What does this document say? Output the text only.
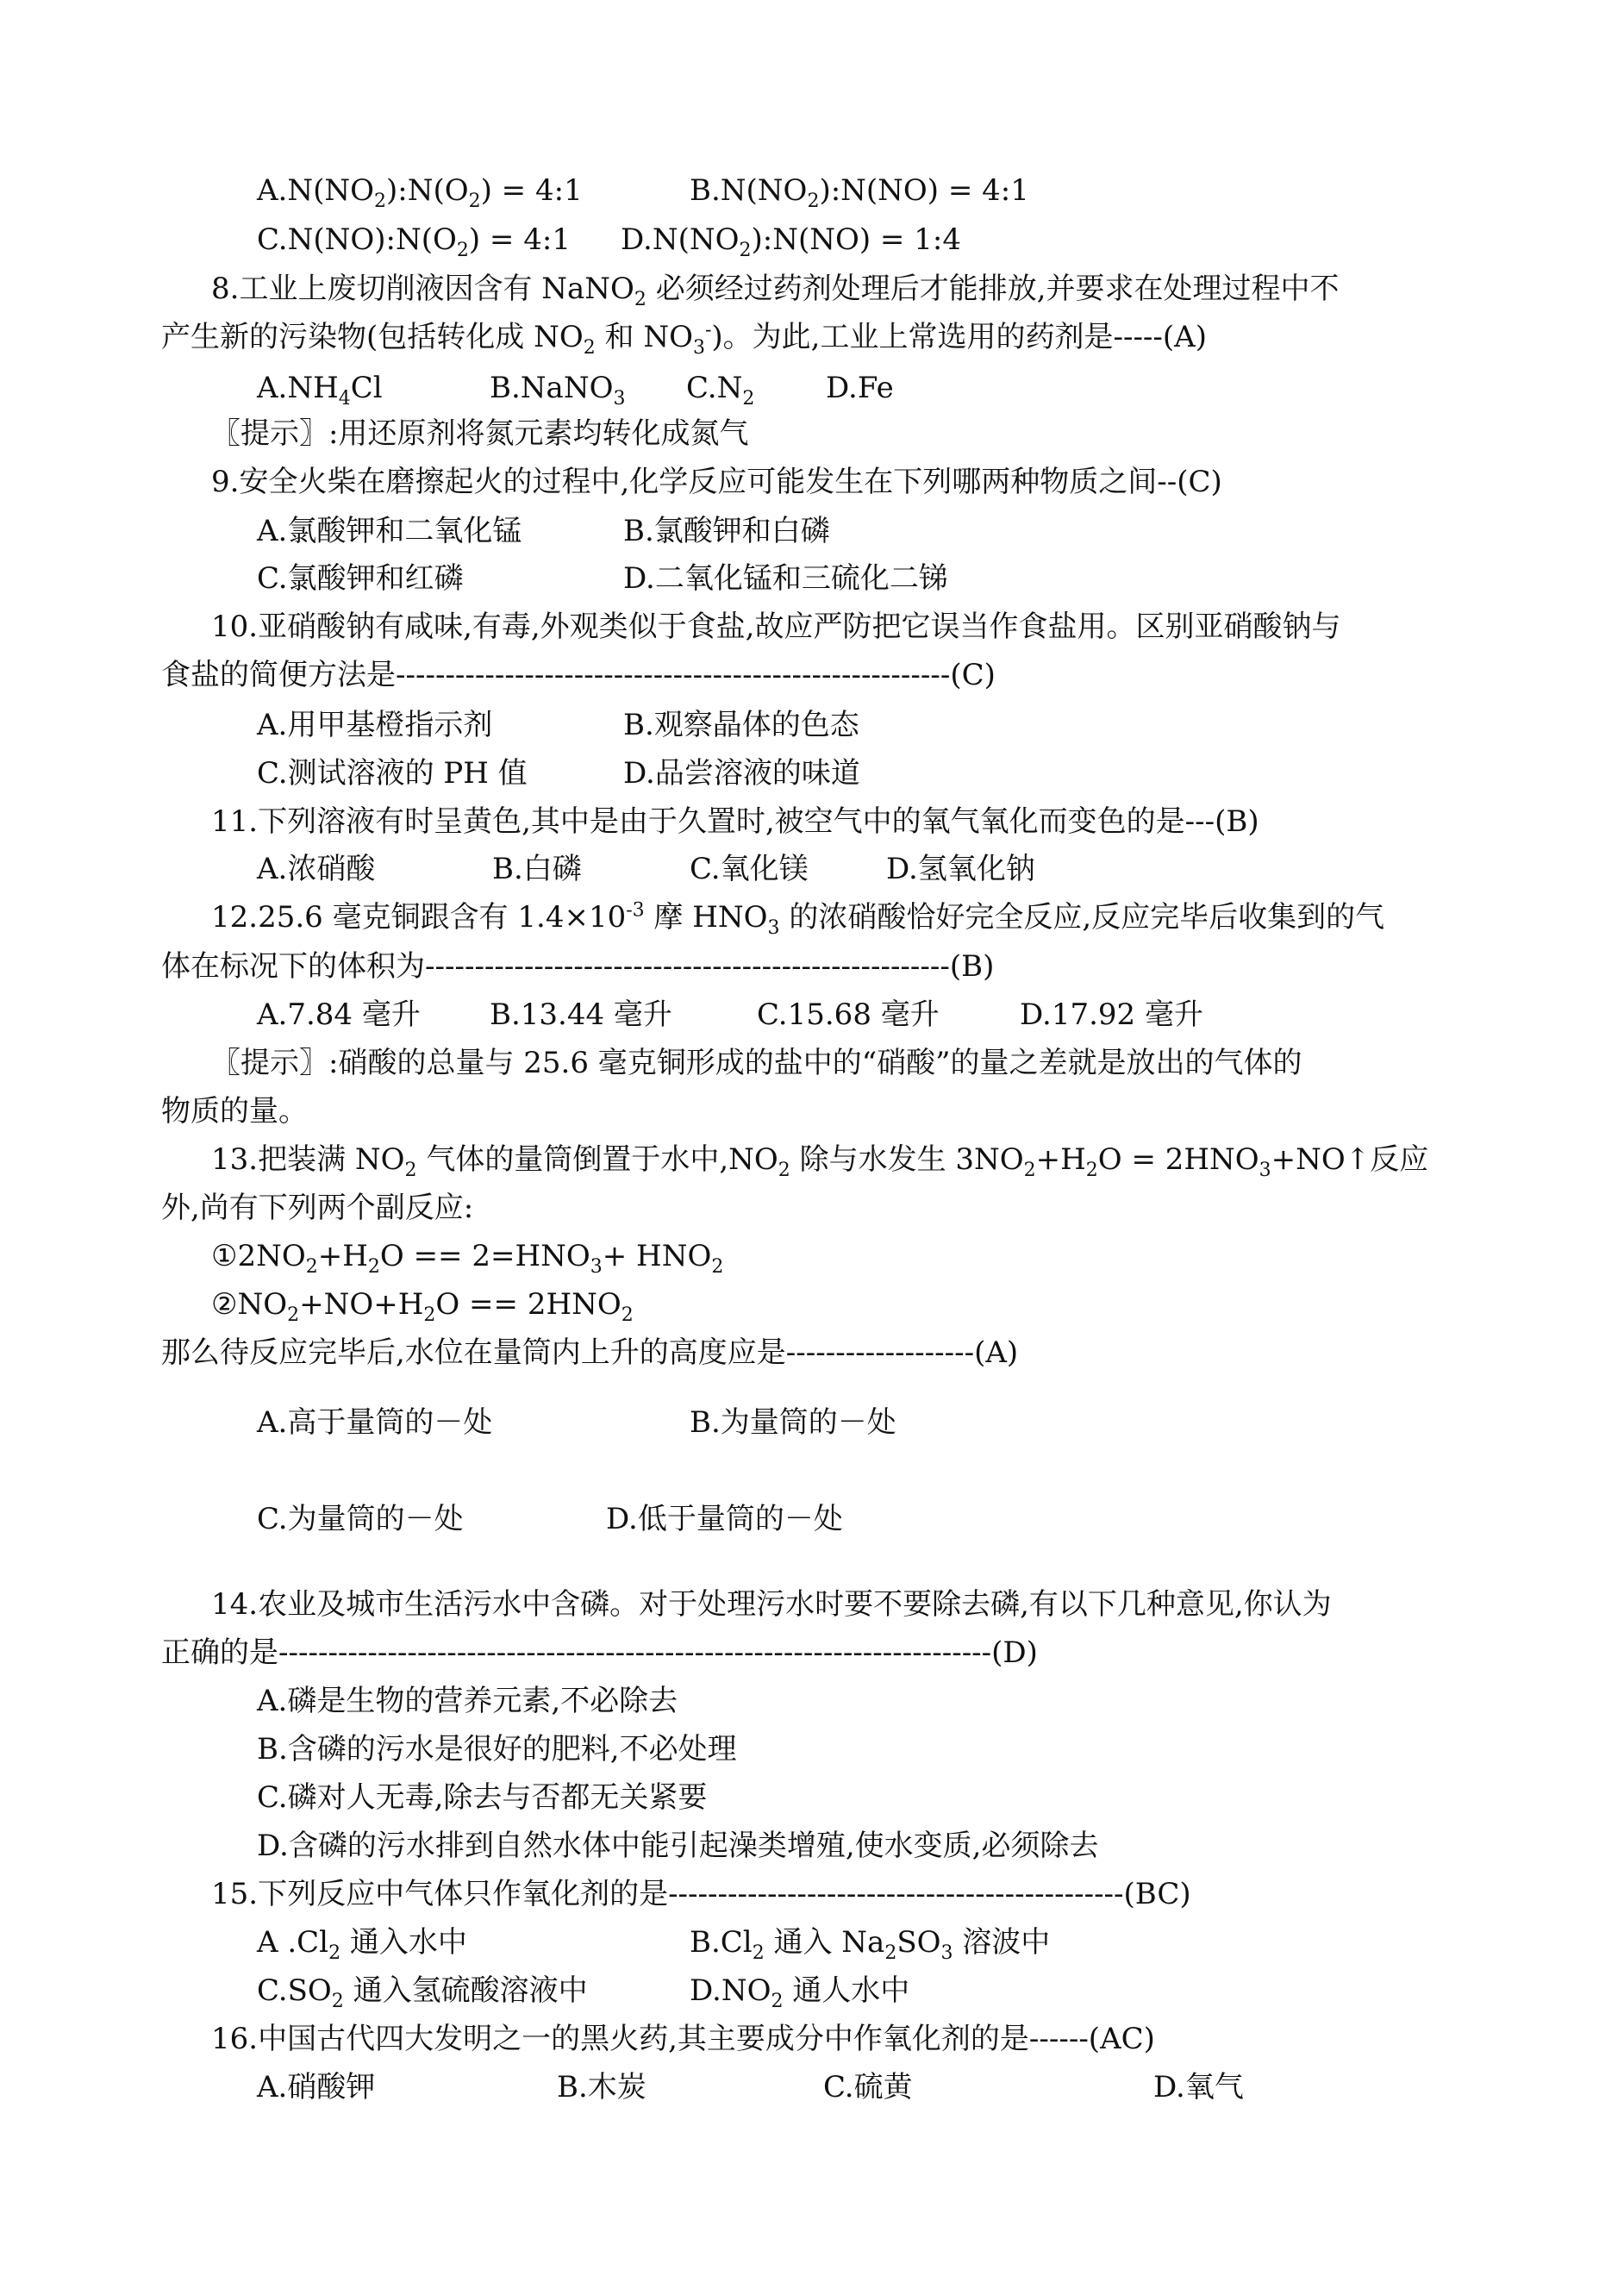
$A.N(NO_2):N(O_2)$ = 4:1	$B.N(NO_2):N(NO)$ = 4:1
$C.N(NO):N(O_2)$ = 4:1 $D.N(NO_2):N(NO)$ = 1:4
8.工业上废切削液因含有 NaNO$_2$ 必须经过药剂处理后才能排放,并要求在处理过程中不
产生新的污染物(包括转化成 $NO_2$ 和 $NO_3^-$)。为此,工业上常选用的药剂是-----(A)
$A.NH_4Cl$	B.NaNO$_3$ $C.N_2$ D.Fe
〖提示〗:用还原剂将氮元素均转化成氮气
9.安全火柴在磨擦起火的过程中,化学反应可能发生在下列哪两种物质之间--(C)
A.氯酸钾和二氧化锰	B.氯酸钾和白磷
C.氯酸钾和红磷	D.二氧化锰和三硫化二锑
10.亚硝酸钠有咸味,有毒,外观类似于食盐,故应严防把它误当作食盐用。区别亚硝酸钠与
食盐的简便方法是--------------------------------------------------------(C)
A.用甲基橙指示剂	B.观察晶体的色态
C.测试溶液的 PH 值	D.品尝溶液的味道
11.下列溶液有时呈黄色,其中是由于久置时,被空气中的氧气氧化而变色的是---(B)
A.浓硝酸	B.白磷	C.氧化镁	D.氢氧化钠
12.25.6 毫克铜跟含有 $1.4\times 10^{-3}$ 摩 $HNO_3$ 的浓硝酸恰好完全反应,反应完毕后收集到的气
体在标况下的体积为-----------------------------------------------------(B)
A.7.84 毫升 B.13.44 毫升	C.15.68 毫升	D.17.92 毫升
〖提示〗:硝酸的总量与 25.6 毫克铜形成的盐中的“硝酸”的量之差就是放出的气体的
物质的量。
13.把装满 $NO_2$ 气体的量筒倒置于水中$,NO_2$ 除与水发生 $3NO_2+H_2O$ = $2HNO_3+NO↑$反应
外,尚有下列两个副反应:
$①2NO_2+H_2O == 2=HNO_3+ HNO_2$
$②NO_2+NO+H_2O == 2HNO_2$
那么待反应完毕后,水位在量筒内上升的高度应是-------------------(A)
A.高于量筒的－处	B.为量筒的－处
C.为量筒的－处	D.低于量筒的－处
14.农业及城市生活污水中含磷。对于处理污水时要不要除去磷,有以下几种意见,你认为
正确的是------------------------------------------------------------------------(D)
A.磷是生物的营养元素,不必除去
B.含磷的污水是很好的肥料,不必处理
C.磷对人无毒,除去与否都无关紧要
D.含磷的污水排到自然水体中能引起澡类增殖,使水变质,必须除去
15.下列反应中气体只作氧化剂的是----------------------------------------------(BC)
A $.Cl_2$ 通入水中	$B.Cl_2$ 通入 $Na_2SO_3$ 溶波中
$C.SO_2$ 通入氢硫酸溶液中	$D.NO_2$ 通人水中
16.中国古代四大发明之一的黑火药,其主要成分中作氧化剂的是------(AC)
A.硝酸钾	B.木炭	C.硫黄	D.氧气
